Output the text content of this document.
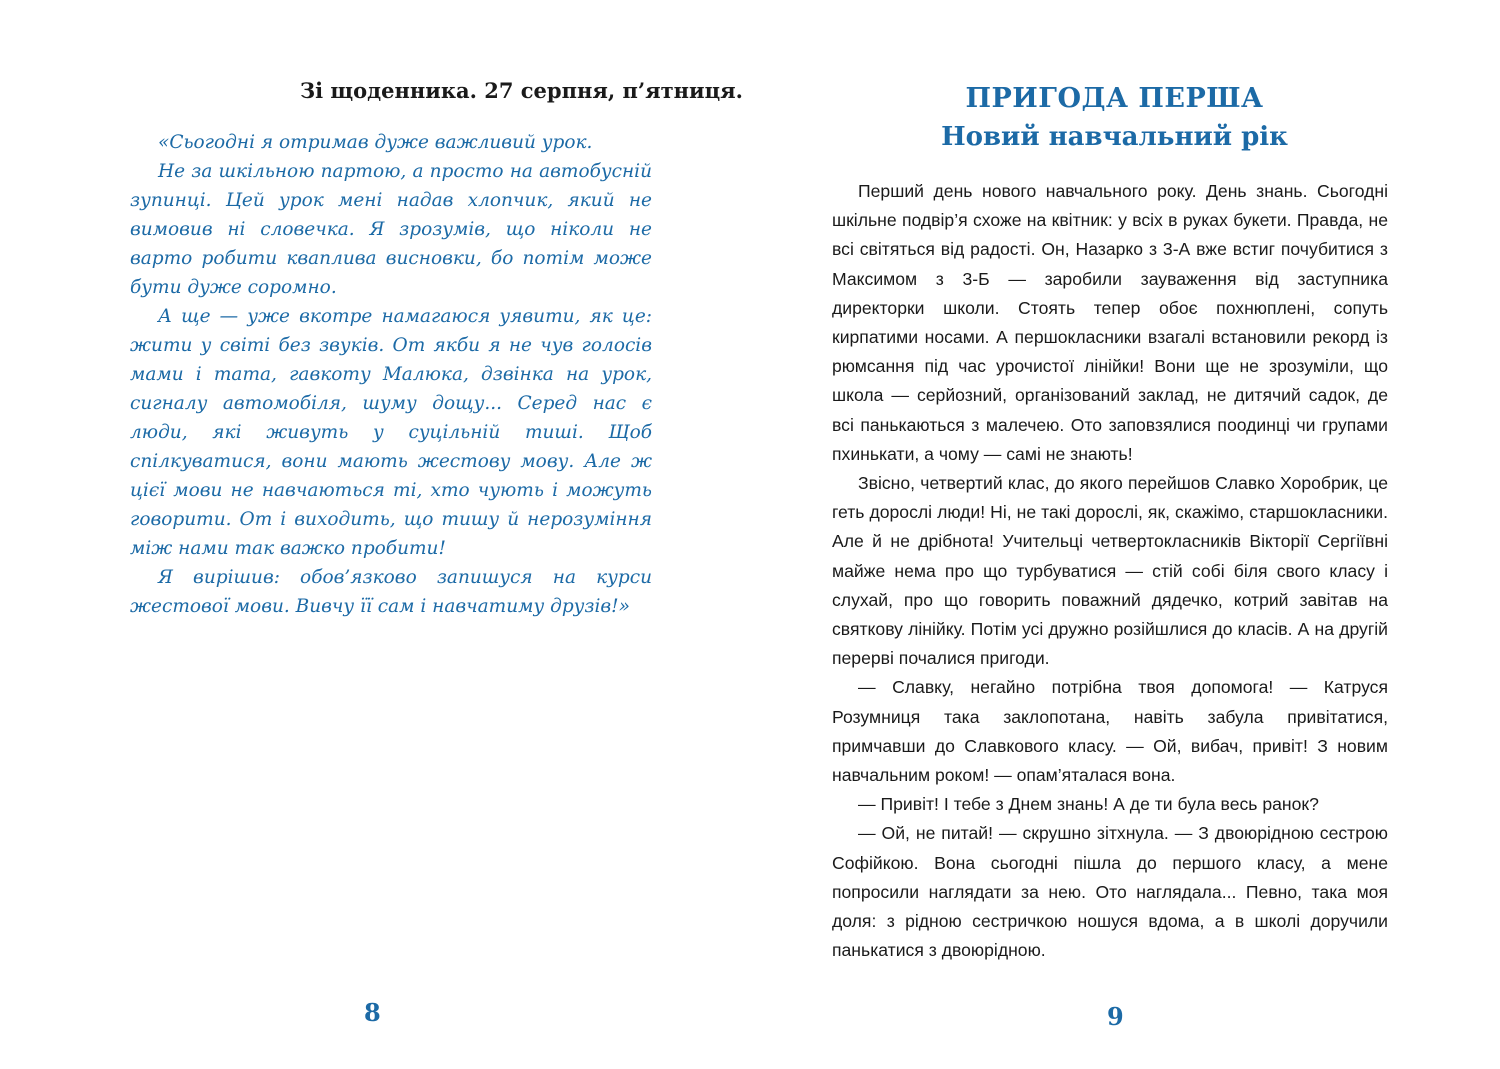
Зі щоденника. 27 серпня, п’ятниця.

«Сьогодні я отримав дуже важливий урок.

Не за шкільною партою, а просто на автобусній зупинці. Цей урок мені надав хлопчик, який не вимовив ні словечка. Я зрозумів, що ніколи не варто робити кваплива висновки, бо потім може бути дуже соромно.

А ще — уже вкотре намагаюся уявити, як це: жити у світі без звуків. От якби я не чув голосів мами і тата, гавкоту Малюка, дзвінка на урок, сигналу автомобіля, шуму дощу... Серед нас є люди, які живуть у суцільній тиші. Щоб спілкуватися, вони мають жестову мову. Але ж цієї мови не навчаються ті, хто чують і можуть говорити. От і виходить, що тишу й нерозуміння між нами так важко пробити!

Я вирішив: обов’язково запишуся на курси жестової мови. Вивчу її сам і навчатиму друзів!»

8
ПРИГОДА ПЕРША
Новий навчальний рік

Перший день нового навчального року. День знань. Сьогодні шкільне подвір’я схоже на квітник: у всіх в руках букети. Правда, не всі світяться від радості. Он, Назарко з 3-А вже встиг почубитися з Максимом з 3-Б — заробили зауваження від заступника директорки школи. Стоять тепер обоє похнюплені, сопуть кирпатими носами. А першокласники взагалі встановили рекорд із рюмсання під час урочистої лінійки! Вони ще не зрозуміли, що школа — серйозний, організований заклад, не дитячий садок, де всі панькаються з малечею. Ото заповзялися поодинці чи групами пхинькати, а чому — самі не знають!

Звісно, четвертий клас, до якого перейшов Славко Хоробрик, це геть дорослі люди! Ні, не такі дорослі, як, скажімо, старшокласники. Але й не дрібнота! Учительці четвертокласників Вікторії Сергіївні майже нема про що турбуватися — стій собі біля свого класу і слухай, про що говорить поважний дядечко, котрий завітав на святкову лінійку. Потім усі дружно розійшлися до класів. А на другій перерві почалися пригоди.

— Славку, негайно потрібна твоя допомога! — Катруся Розумниця така заклопотана, навіть забула привітатися, примчавши до Славкового класу. — Ой, вибач, привіт! З новим навчальним роком! — опам’яталася вона.

— Привіт! І тебе з Днем знань! А де ти була весь ранок?

— Ой, не питай! — скрушно зітхнула. — З двоюрідною сестрою Софійкою. Вона сьогодні пішла до першого класу, а мене попросили наглядати за нею. Ото наглядала... Певно, така моя доля: з рідною сестричкою ношуся вдома, а в школі доручили панькатися з двоюрідною.

9
